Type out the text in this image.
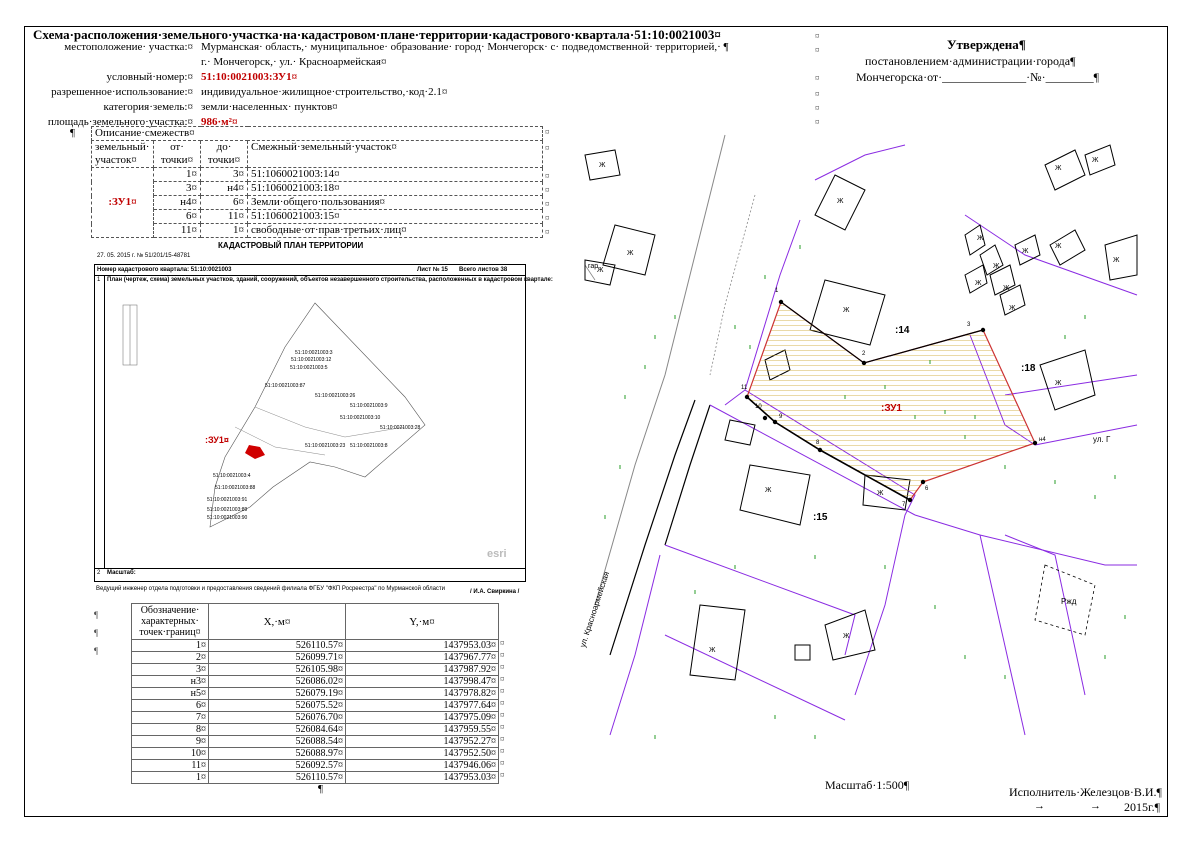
Схема·расположения·земельного·участка·на·кадастровом·плане·территории·кадастрового·квартала·51:10:0021003¤
местоположение· участка:¤ Мурманская· область,· муниципальное· образование· город· Мончегорск· с· подведомственной· территорией,· ¶
г.· Мончегорск,· ул.· Красноармейская¤
условный·номер:¤ 51:10:0021003:ЗУ1¤
разрешенное·использование:¤ индивидуальное·жилищное·строительство,·код·2.1¤
категория·земель:¤ земли·населенных· пунктов¤
площадь·земельного·участка:¤ 986·м²¤
Утверждена¶
постановлением·администрации·города¶
Мончегорска·от·______________·№·________¶
¶ Описание·смежеств¤			
земельный· участок¤	от· точки¤	до· точки¤	Смежный·земельный·участок¤
:ЗУ1¤	1¤	3¤	51:1060021003:14¤
	3¤	н4¤	51:1060021003:18¤
	н4¤	6¤	Земли·общего·пользования¤
	6¤	11¤	51:1060021003:15¤
	11¤	1¤	свободные·от·прав·третьих·лиц¤
КАДАСТРОВЫЙ ПЛАН ТЕРРИТОРИИ
27. 05. 2015 г. № 51/201/15-48781
Номер кадастрового квартала: 51:10:0021003	Лист № 15 Всего листов 38
1 План (чертеж, схема) земельных участков, зданий, сооружений, объектов незавершенного строительства, расположенных в кадастровом квартале:
:ЗУ1¤
51:10:0021003:3
51:10:0021003:87
51:10:0021003:5
51:10:0021003:26
51:10:0021003:9
51:10:0021003:10
51:10:0021003:28
51:10:0021003:23 51:10:0021003:8
51:10:0021003:4
51:10:0021003:88
51:10:0021003:91
51:10:0021003:89
51:10:0021003:90
51:10:0021003:12
esri
2 Масштаб:
Ведущий инженер отдела подготовки и предоставления сведений филиала ФГБУ "ФКП Росреестра" по Мурманской области	/ И.А. Свиркина /
Обозначение· характерных· точек·границ¤	X,·м¤	Y,·м¤
1¤	526110.57¤	1437953.03¤
2¤	526099.71¤	1437967.77¤
3¤	526105.98¤	1437987.92¤
н3¤	526086.02¤	1437998.47¤
н5¤	526079.19¤	1437978.82¤
6¤	526075.52¤	1437977.64¤
7¤	526076.70¤	1437975.09¤
8¤	526084.64¤	1437959.55¤
9¤	526088.54¤	1437952.27¤
10¤	526088.97¤	1437952.50¤
11¤	526092.57¤	1437946.06¤
1¤	526110.57¤	1437953.03¤
¤
¤
¤
¤
¤
¤
¤
¤
¤
¤
¤
¤
¶
¶
¶
:ЗУ1
:14
:18
:15
ул. Красноармейская
ул. Г
гар.
Ржд
1
2
3
н4
6
7
8
9
10
11
Ж
Ж
Ж
Ж
Ж	Ж
Ж
Ж
Ж
Ж
Ж
Ж
Ж
Ж
Ж
Ж
Ж
Ж
Ж
Ж
¤
¤
¤
¤
¤
¤
¤
¤
¤
¤
¤
¤
¤
Масштаб·1:500¶	Исполнитель·Железцов·В.И.¶
→	→ 2015г.¶
¶
